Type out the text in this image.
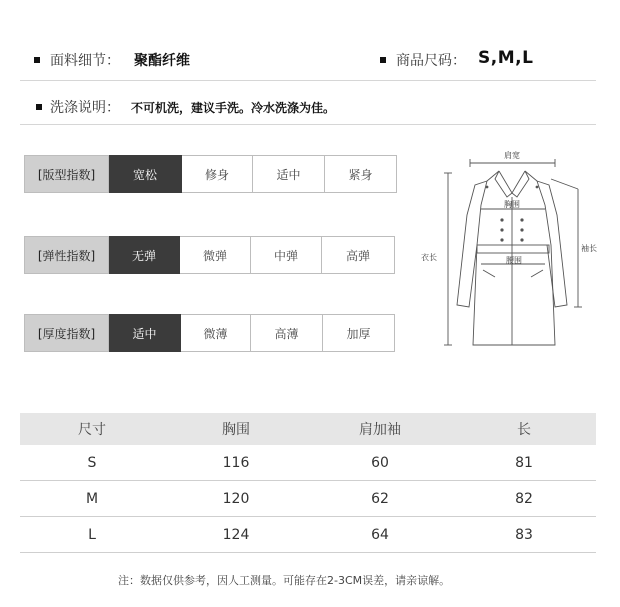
面料细节： 聚酯纤维	商品尺码： S,M,L
洗涤说明： 不可机洗，建议手洗。冷水洗涤为佳。
[版型指数]	宽松	修身	适中	紧身
[弹性指数]	无弹	微弹	中弹	高弹
[厚度指数]	适中	微薄	高薄	加厚
肩宽
胸围
腰围
衣长
袖长
尺寸	胸围	肩加袖	长
S	116	60	81
M	120	62	82
L	124	64	83
注：数据仅供参考，因人工测量。可能存在2-3CM误差，请亲谅解。
